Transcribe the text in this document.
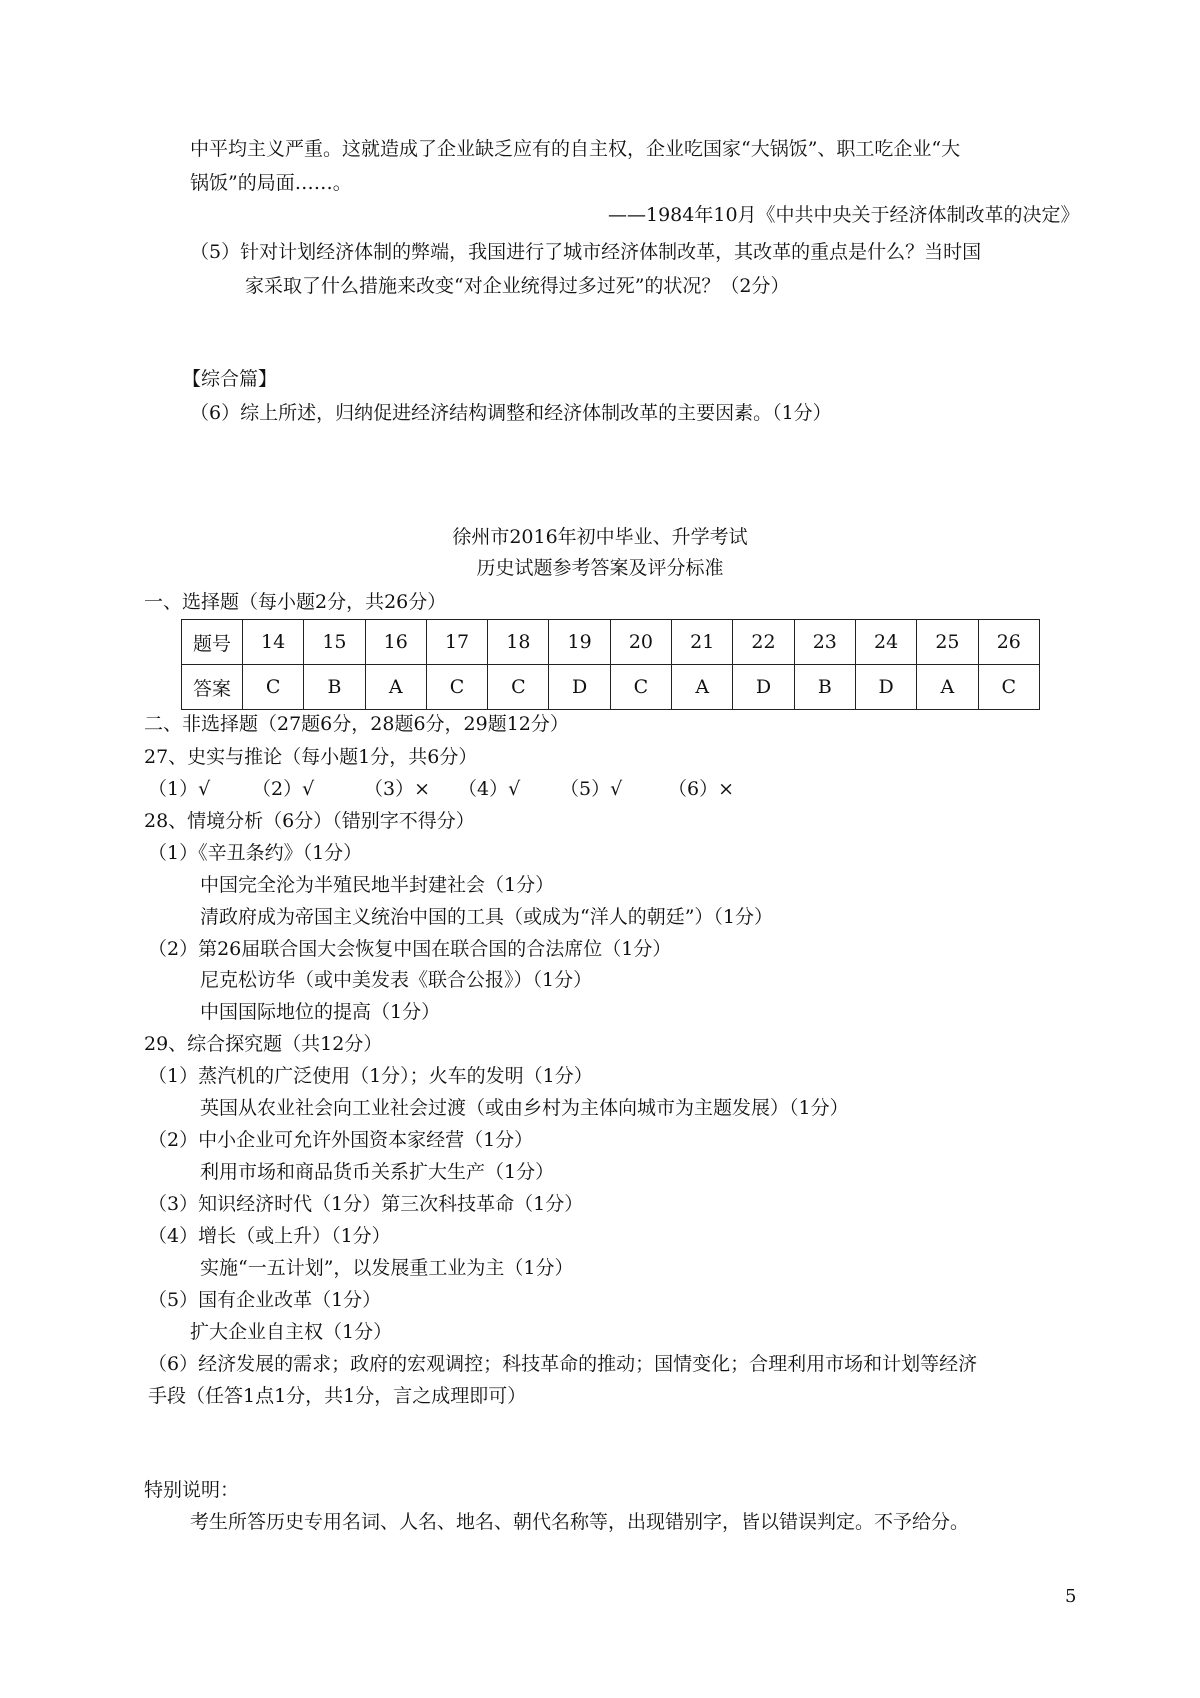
中平均主义严重。这就造成了企业缺乏应有的自主权，企业吃国家“大锅饭”、职工吃企业“大
锅饭”的局面……。
——1984年10月《中共中央关于经济体制改革的决定》
（5）针对计划经济体制的弊端，我国进行了城市经济体制改革，其改革的重点是什么？当时国
家采取了什么措施来改变“对企业统得过多过死”的状况？（2分）
【综合篇】
（6）综上所述，归纳促进经济结构调整和经济体制改革的主要因素。（1分）
徐州市2016年初中毕业、升学考试
历史试题参考答案及评分标准
一、选择题（每小题2分，共26分）
题号	14	15	16	17	18	19	20	21	22	23	24	25	26
答案	C	B	A	C	C	D	C	A	D	B	D	A	C
二、非选择题（27题6分，28题6分，29题12分）
27、史实与推论（每小题1分，共6分）
（1）√ （2）√	（3）× （4）√ （5）√ （6）×
28、情境分析（6分）（错别字不得分）
（1）《辛丑条约》（1分）
中国完全沦为半殖民地半封建社会（1分）
清政府成为帝国主义统治中国的工具（或成为“洋人的朝廷”）（1分）
（2）第26届联合国大会恢复中国在联合国的合法席位（1分）
尼克松访华（或中美发表《联合公报》）（1分）
中国国际地位的提高（1分）
29、综合探究题（共12分）
（1）蒸汽机的广泛使用（1分）；火车的发明（1分）
英国从农业社会向工业社会过渡（或由乡村为主体向城市为主题发展）（1分）
（2）中小企业可允许外国资本家经营（1分）
利用市场和商品货币关系扩大生产（1分）
（3）知识经济时代（1分）第三次科技革命（1分）
（4）增长（或上升）（1分）
实施“一五计划”，以发展重工业为主（1分）
（5）国有企业改革（1分）
扩大企业自主权（1分）
（6）经济发展的需求；政府的宏观调控；科技革命的推动；国情变化；合理利用市场和计划等经济
手段（任答1点1分，共1分，言之成理即可）
特别说明：
考生所答历史专用名词、人名、地名、朝代名称等，出现错别字，皆以错误判定。不予给分。
5
